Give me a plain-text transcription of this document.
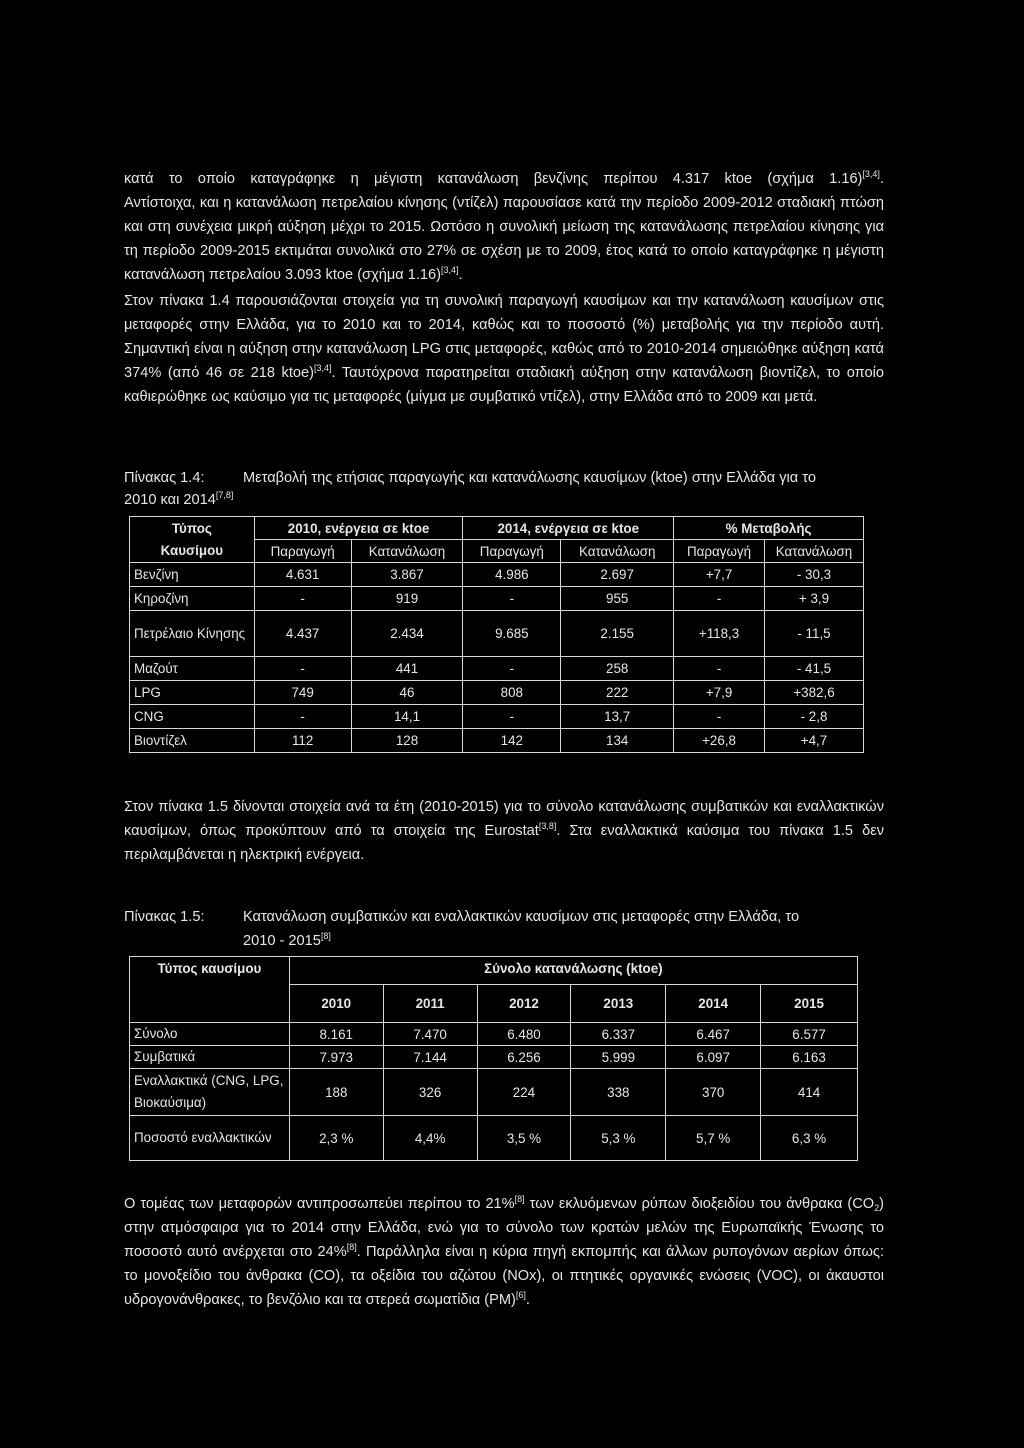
κατά το οποίο καταγράφηκε η μέγιστη κατανάλωση βενζίνης περίπου 4.317 ktoe (σχήμα 1.16)[3,4].

Αντίστοιχα, και η κατανάλωση πετρελαίου κίνησης (ντίζελ) παρουσίασε κατά την περίοδο 2009-2012 σταδιακή πτώση και στη συνέχεια μικρή αύξηση μέχρι το 2015. Ωστόσο η συνολική μείωση της κατανάλωσης πετρελαίου κίνησης για τη περίοδο 2009-2015 εκτιμάται συνολικά στο 27% σε σχέση με το 2009, έτος κατά το οποίο καταγράφηκε η μέγιστη κατανάλωση πετρελαίου 3.093 ktoe (σχήμα 1.16)[3,4].

Στον πίνακα 1.4 παρουσιάζονται στοιχεία για τη συνολική παραγωγή καυσίμων και την κατανάλωση καυσίμων στις μεταφορές στην Ελλάδα, για το 2010 και το 2014, καθώς και το ποσοστό (%) μεταβολής για την περίοδο αυτή. Σημαντική είναι η αύξηση στην κατανάλωση LPG στις μεταφορές, καθώς από το 2010-2014 σημειώθηκε αύξηση κατά 374% (από 46 σε 218 ktoe)[3,4]. Ταυτόχρονα παρατηρείται σταδιακή αύξηση στην κατανάλωση βιοντίζελ, το οποίο καθιερώθηκε ως καύσιμο για τις μεταφορές (μίγμα με συμβατικό ντίζελ), στην Ελλάδα από το 2009 και μετά.

Πίνακας 1.4:	Μεταβολή της ετήσιας παραγωγής και κατανάλωσης καυσίμων (ktoe) στην Ελλάδα για το
2010 και 2014[7,8]
Τύπος
Καυσίμου	2010, ενέργεια σε ktoe		2014, ενέργεια σε ktoe		% Μεταβολής	
	Παραγωγή	Κατανάλωση	Παραγωγή	Κατανάλωση	Παραγωγή	Κατανάλωση
Βενζίνη	4.631	3.867	4.986	2.697	+7,7	- 30,3
Κηροζίνη	-	919	-	955	-	+ 3,9
Πετρέλαιο Κίνησης	4.437	2.434	9.685	2.155	+118,3	- 11,5
Μαζούτ	-	441	-	258	-	- 41,5
LPG	749	46	808	222	+7,9	+382,6
CNG	-	14,1	-	13,7	-	- 2,8
Βιοντίζελ	112	128	142	134	+26,8	+4,7

Στον πίνακα 1.5 δίνονται στοιχεία ανά τα έτη (2010-2015) για το σύνολο κατανάλωσης συμβατικών και εναλλακτικών καυσίμων, όπως προκύπτουν από τα στοιχεία της Eurostat[3,8]. Στα εναλλακτικά καύσιμα του πίνακα 1.5 δεν περιλαμβάνεται η ηλεκτρική ενέργεια.

Πίνακας 1.5:	Κατανάλωση συμβατικών και εναλλακτικών καυσίμων στις μεταφορές στην Ελλάδα, το
2010 - 2015[8]
Τύπος καυσίμου	Σύνολο κατανάλωσης (ktoe)					
	2010	2011	2012	2013	2014	2015
Σύνολο	8.161	7.470	6.480	6.337	6.467	6.577
Συμβατικά	7.973	7.144	6.256	5.999	6.097	6.163
Εναλλακτικά (CNG, LPG, Βιοκαύσιμα)	188	326	224	338	370	414
Ποσοστό εναλλακτικών	2,3 %	4,4%	3,5 %	5,3 %	5,7 %	6,3 %

Ο τομέας των μεταφορών αντιπροσωπεύει περίπου το 21%[8] των εκλυόμενων ρύπων διοξειδίου του άνθρακα $(CO_2)$ στην ατμόσφαιρα για το 2014 στην Ελλάδα, ενώ για το σύνολο των κρατών μελών της Ευρωπαϊκής Ένωσης το ποσοστό αυτό ανέρχεται στο 24%[8]. Παράλληλα είναι η κύρια πηγή εκπομπής και άλλων ρυπογόνων αερίων όπως: το μονοξείδιο του άνθρακα (CO), τα οξείδια του αζώτου (NOx), οι πτητικές οργανικές ενώσεις (VOC), οι άκαυστοι υδρογονάνθρακες, το βενζόλιο και τα στερεά σωματίδια (PM)[6].
